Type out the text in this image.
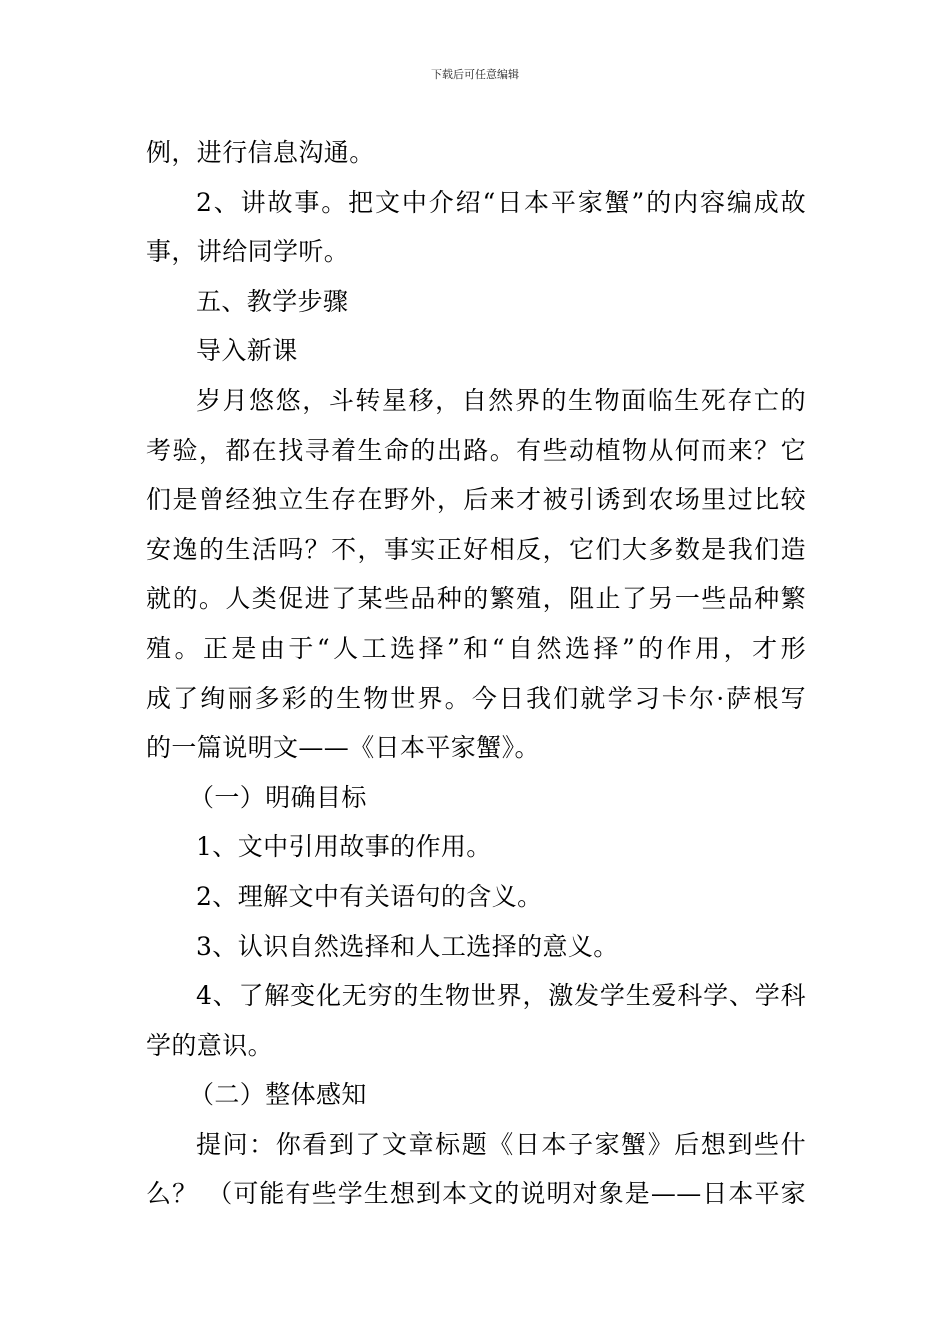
下载后可任意编辑
例，进行信息沟通。
2、讲故事。把文中介绍“日本平家蟹”的内容编成故
事，讲给同学听。
五、教学步骤
导入新课
岁月悠悠，斗转星移，自然界的生物面临生死存亡的
考验，都在找寻着生命的出路。有些动植物从何而来？它
们是曾经独立生存在野外，后来才被引诱到农场里过比较
安逸的生活吗？不，事实正好相反，它们大多数是我们造
就的。人类促进了某些品种的繁殖，阻止了另一些品种繁
殖。正是由于“人工选择”和“自然选择”的作用，才形
成了绚丽多彩的生物世界。今日我们就学习卡尔·萨根写
的一篇说明文——《日本平家蟹》。
（一）明确目标
1、文中引用故事的作用。
2、理解文中有关语句的含义。
3、认识自然选择和人工选择的意义。
4、了解变化无穷的生物世界，激发学生爱科学、学科
学的意识。
（二）整体感知
提问：你看到了文章标题《日本子家蟹》后想到些什
么？ （可能有些学生想到本文的说明对象是——日本平家
